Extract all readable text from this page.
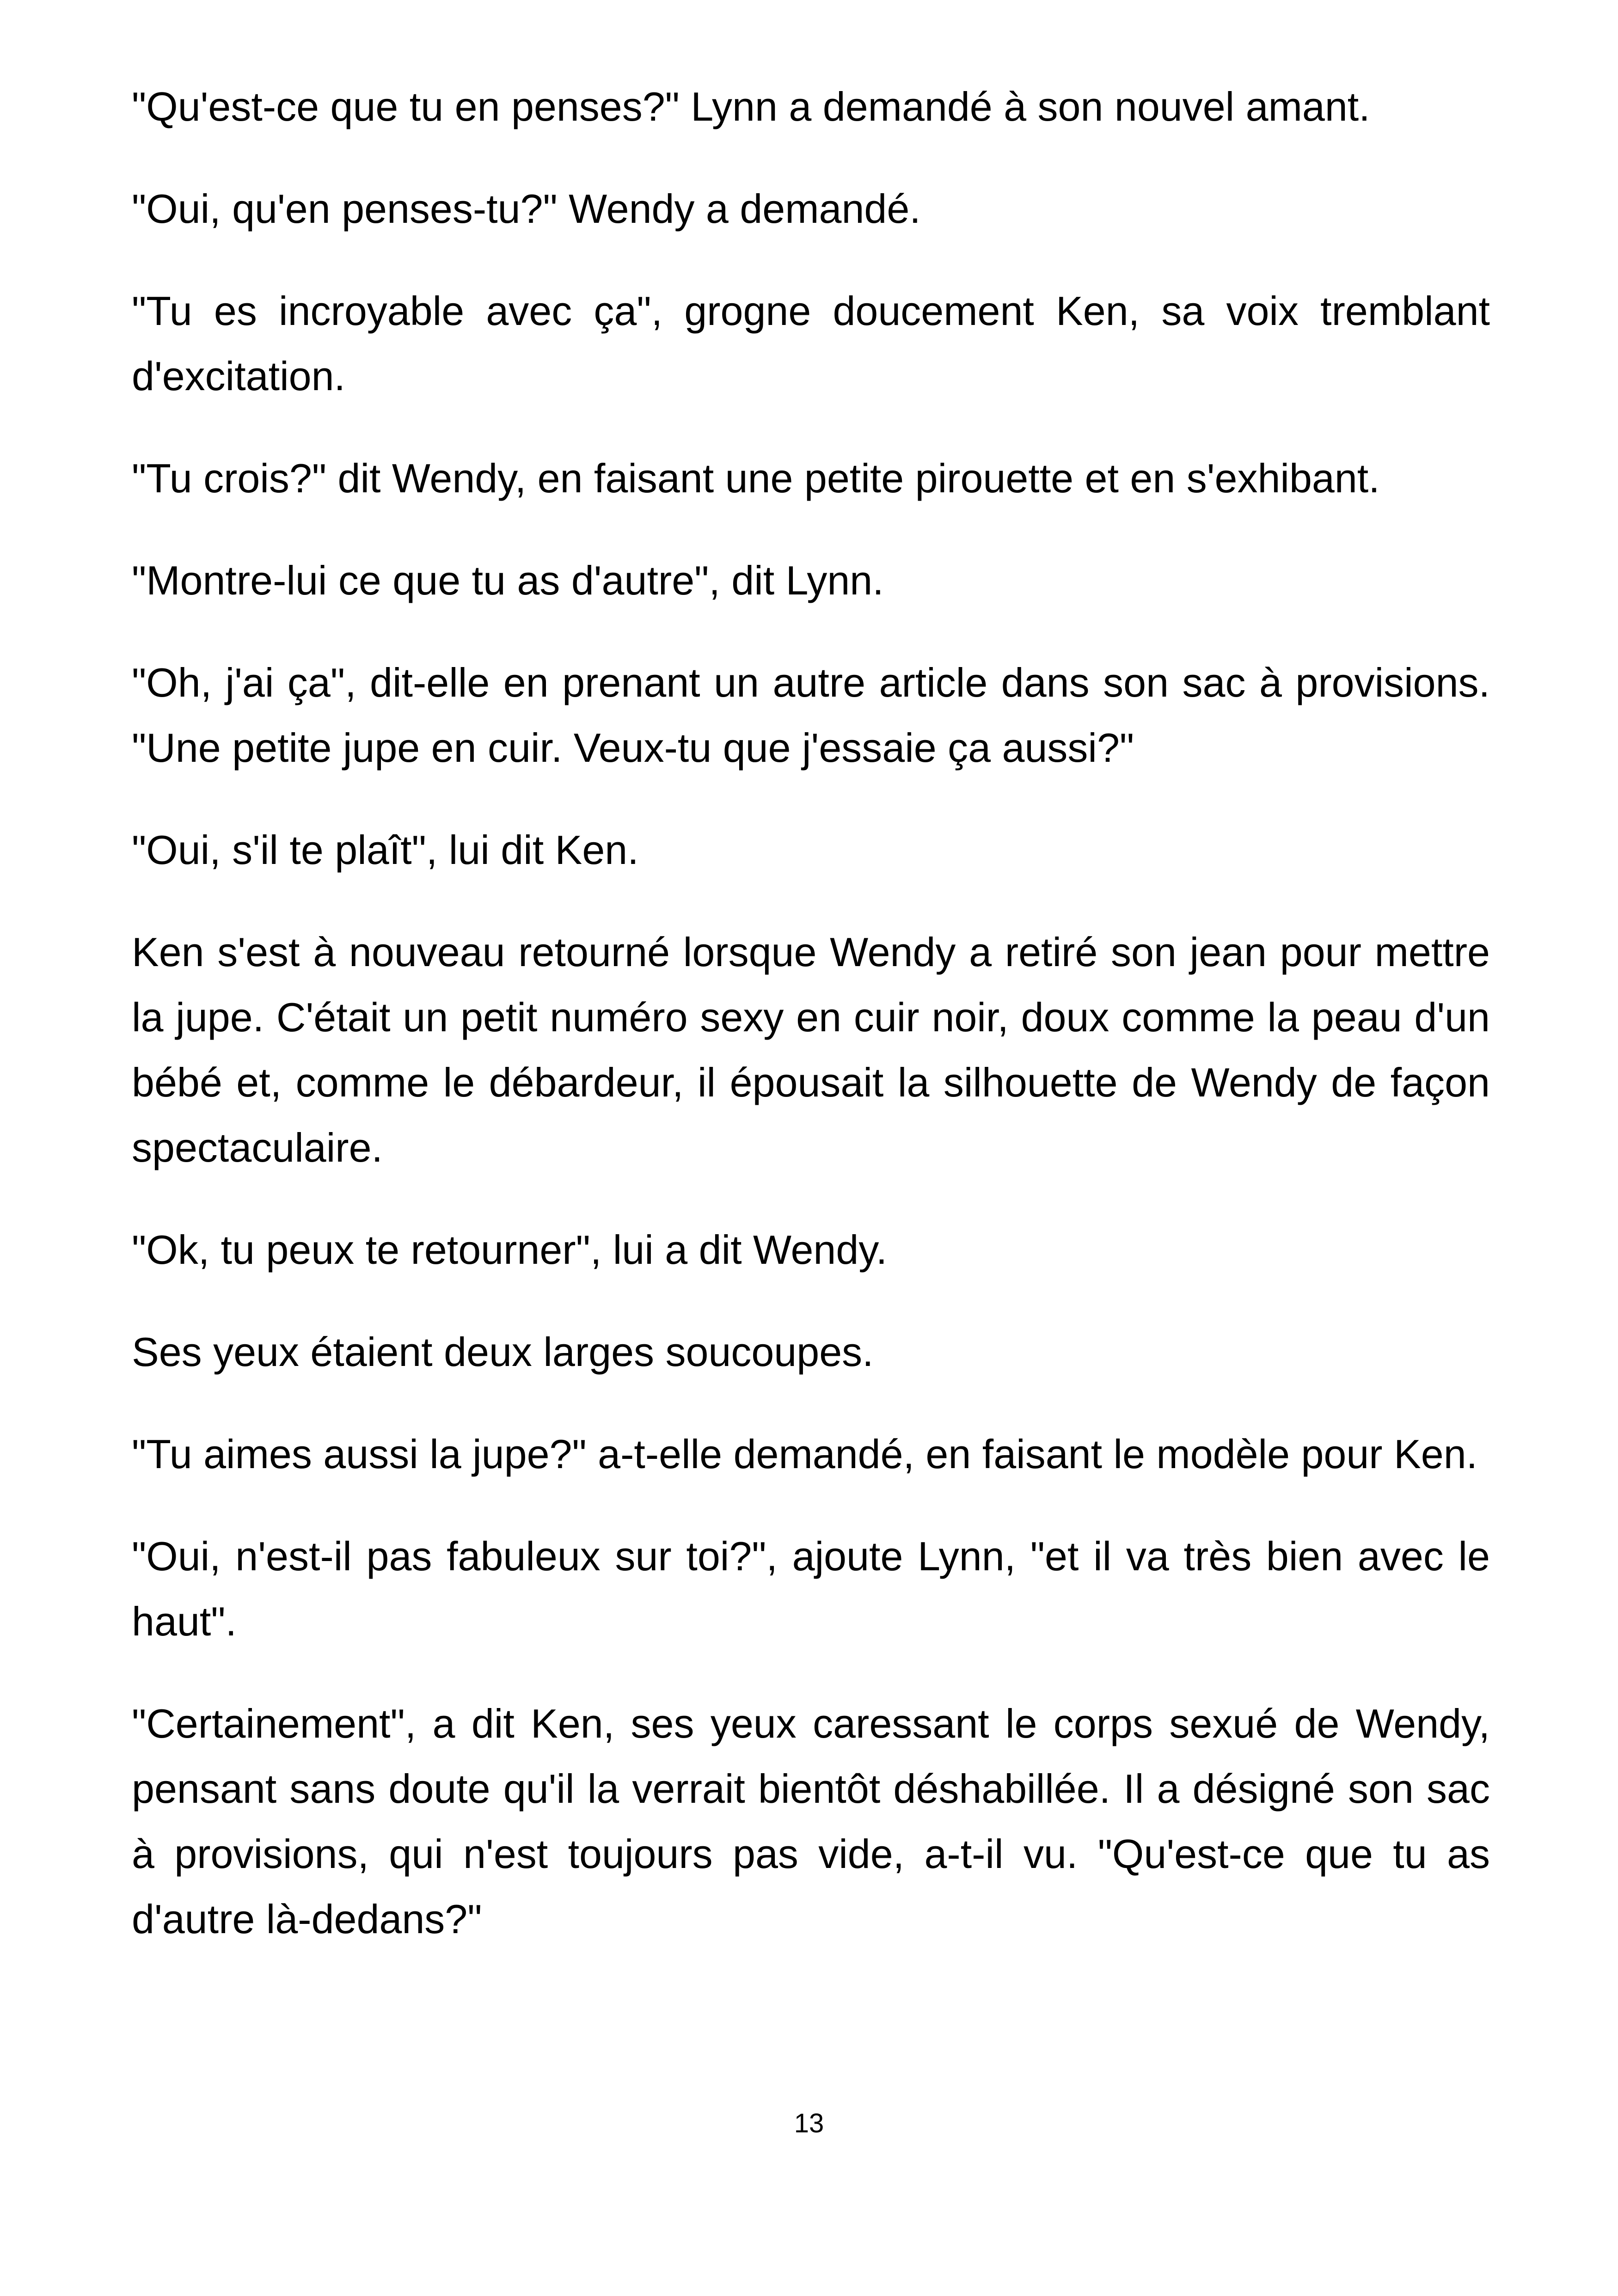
"Qu'est-ce que tu en penses?" Lynn a demandé à son nouvel amant.

"Oui, qu'en penses-tu?" Wendy a demandé.

"Tu es incroyable avec ça", grogne doucement Ken, sa voix tremblant d'excitation.

"Tu crois?" dit Wendy, en faisant une petite pirouette et en s'exhibant.

"Montre-lui ce que tu as d'autre", dit Lynn.

"Oh, j'ai ça", dit-elle en prenant un autre article dans son sac à provisions. "Une petite jupe en cuir. Veux-tu que j'essaie ça aussi?"

"Oui, s'il te plaît", lui dit Ken.

Ken s'est à nouveau retourné lorsque Wendy a retiré son jean pour mettre la jupe. C'était un petit numéro sexy en cuir noir, doux comme la peau d'un bébé et, comme le débardeur, il épousait la silhouette de Wendy de façon spectaculaire.

"Ok, tu peux te retourner", lui a dit Wendy.

Ses yeux étaient deux larges soucoupes.

"Tu aimes aussi la jupe?" a-t-elle demandé, en faisant le modèle pour Ken.

"Oui, n'est-il pas fabuleux sur toi?", ajoute Lynn, "et il va très bien avec le haut".

"Certainement", a dit Ken, ses yeux caressant le corps sexué de Wendy, pensant sans doute qu'il la verrait bientôt déshabillée. Il a désigné son sac à provisions, qui n'est toujours pas vide, a-t-il vu. "Qu'est-ce que tu as d'autre là-dedans?"

13
